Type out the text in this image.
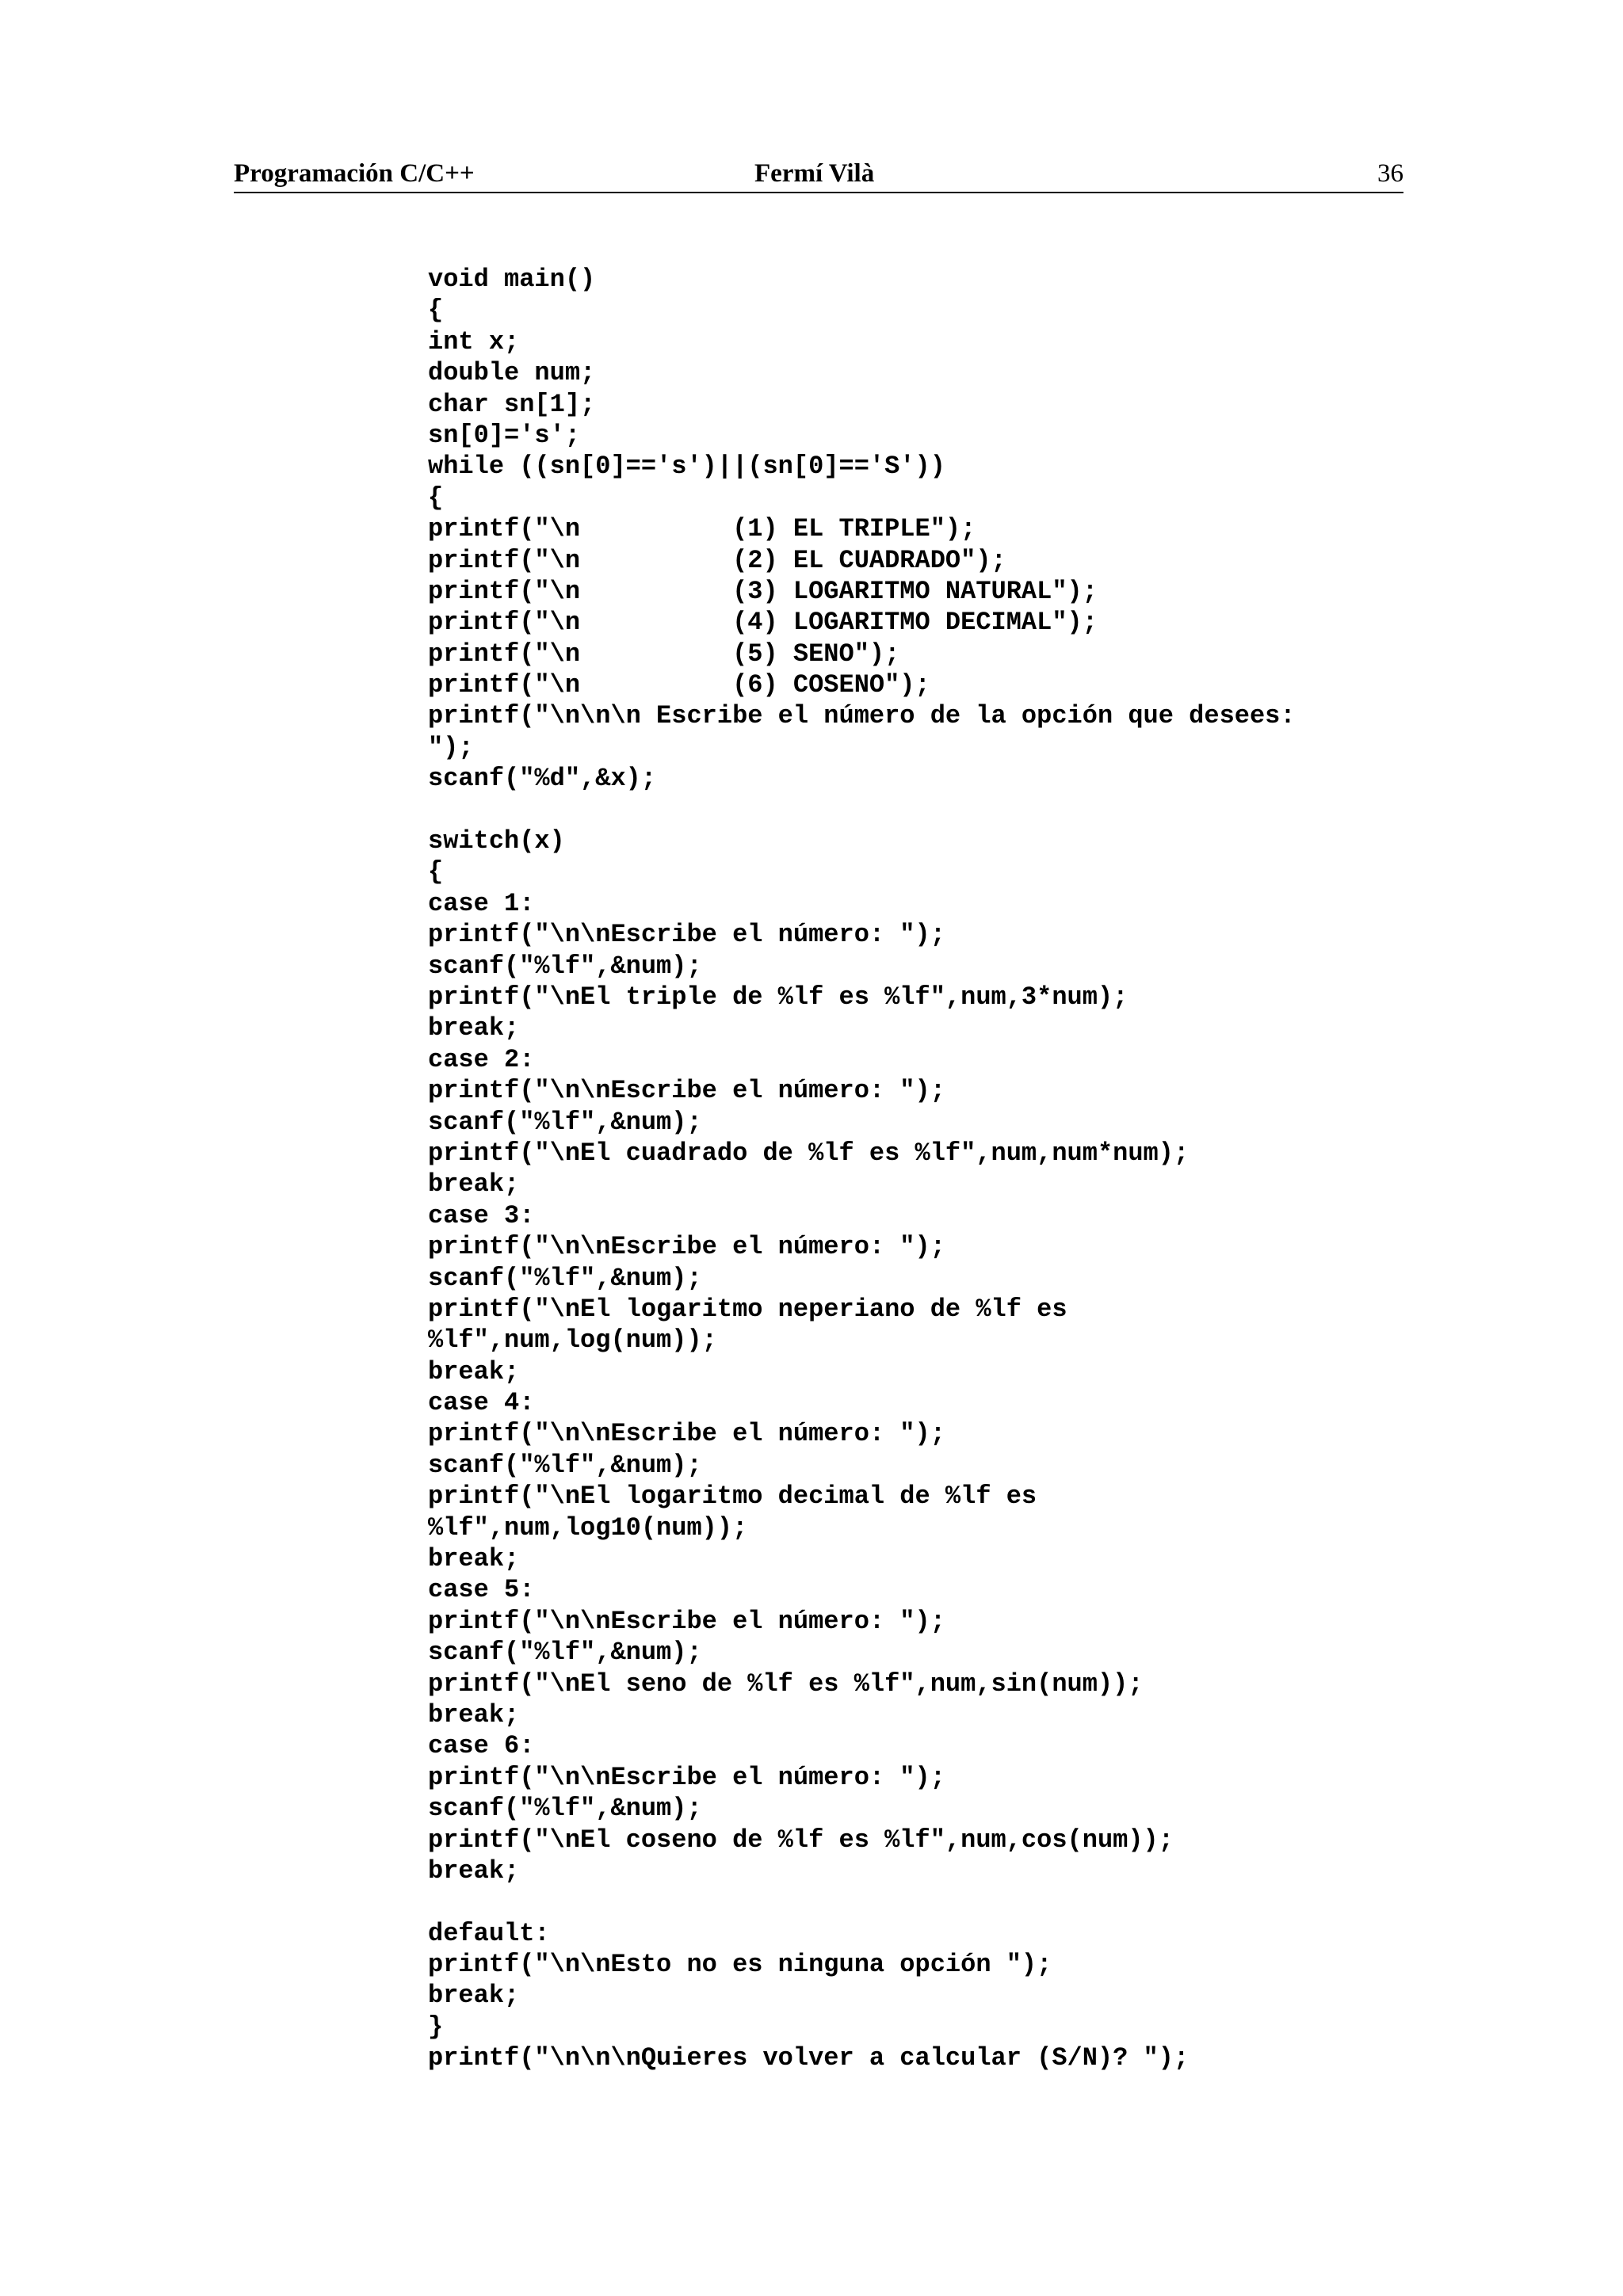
Programación C/C++	Fermí Vilà	36
void main()
{
int x;
double num;
char sn[1];
sn[0]='s';
while ((sn[0]=='s')||(sn[0]=='S'))
{
printf("\n          (1) EL TRIPLE");
printf("\n          (2) EL CUADRADO");
printf("\n          (3) LOGARITMO NATURAL");
printf("\n          (4) LOGARITMO DECIMAL");
printf("\n          (5) SENO");
printf("\n          (6) COSENO");
printf("\n\n\n Escribe el número de la opción que desees:
");
scanf("%d",&x);
switch(x)
{
case 1:
printf("\n\nEscribe el número: ");
scanf("%lf",&num);
printf("\nEl triple de %lf es %lf",num,3*num);
break;
case 2:
printf("\n\nEscribe el número: ");
scanf("%lf",&num);
printf("\nEl cuadrado de %lf es %lf",num,num*num);
break;
case 3:
printf("\n\nEscribe el número: ");
scanf("%lf",&num);
printf("\nEl logaritmo neperiano de %lf es
%lf",num,log(num));
break;
case 4:
printf("\n\nEscribe el número: ");
scanf("%lf",&num);
printf("\nEl logaritmo decimal de %lf es
%lf",num,log10(num));
break;
case 5:
printf("\n\nEscribe el número: ");
scanf("%lf",&num);
printf("\nEl seno de %lf es %lf",num,sin(num));
break;
case 6:
printf("\n\nEscribe el número: ");
scanf("%lf",&num);
printf("\nEl coseno de %lf es %lf",num,cos(num));
break;
default:
printf("\n\nEsto no es ninguna opción ");
break;
}
printf("\n\n\nQuieres volver a calcular (S/N)? ");
